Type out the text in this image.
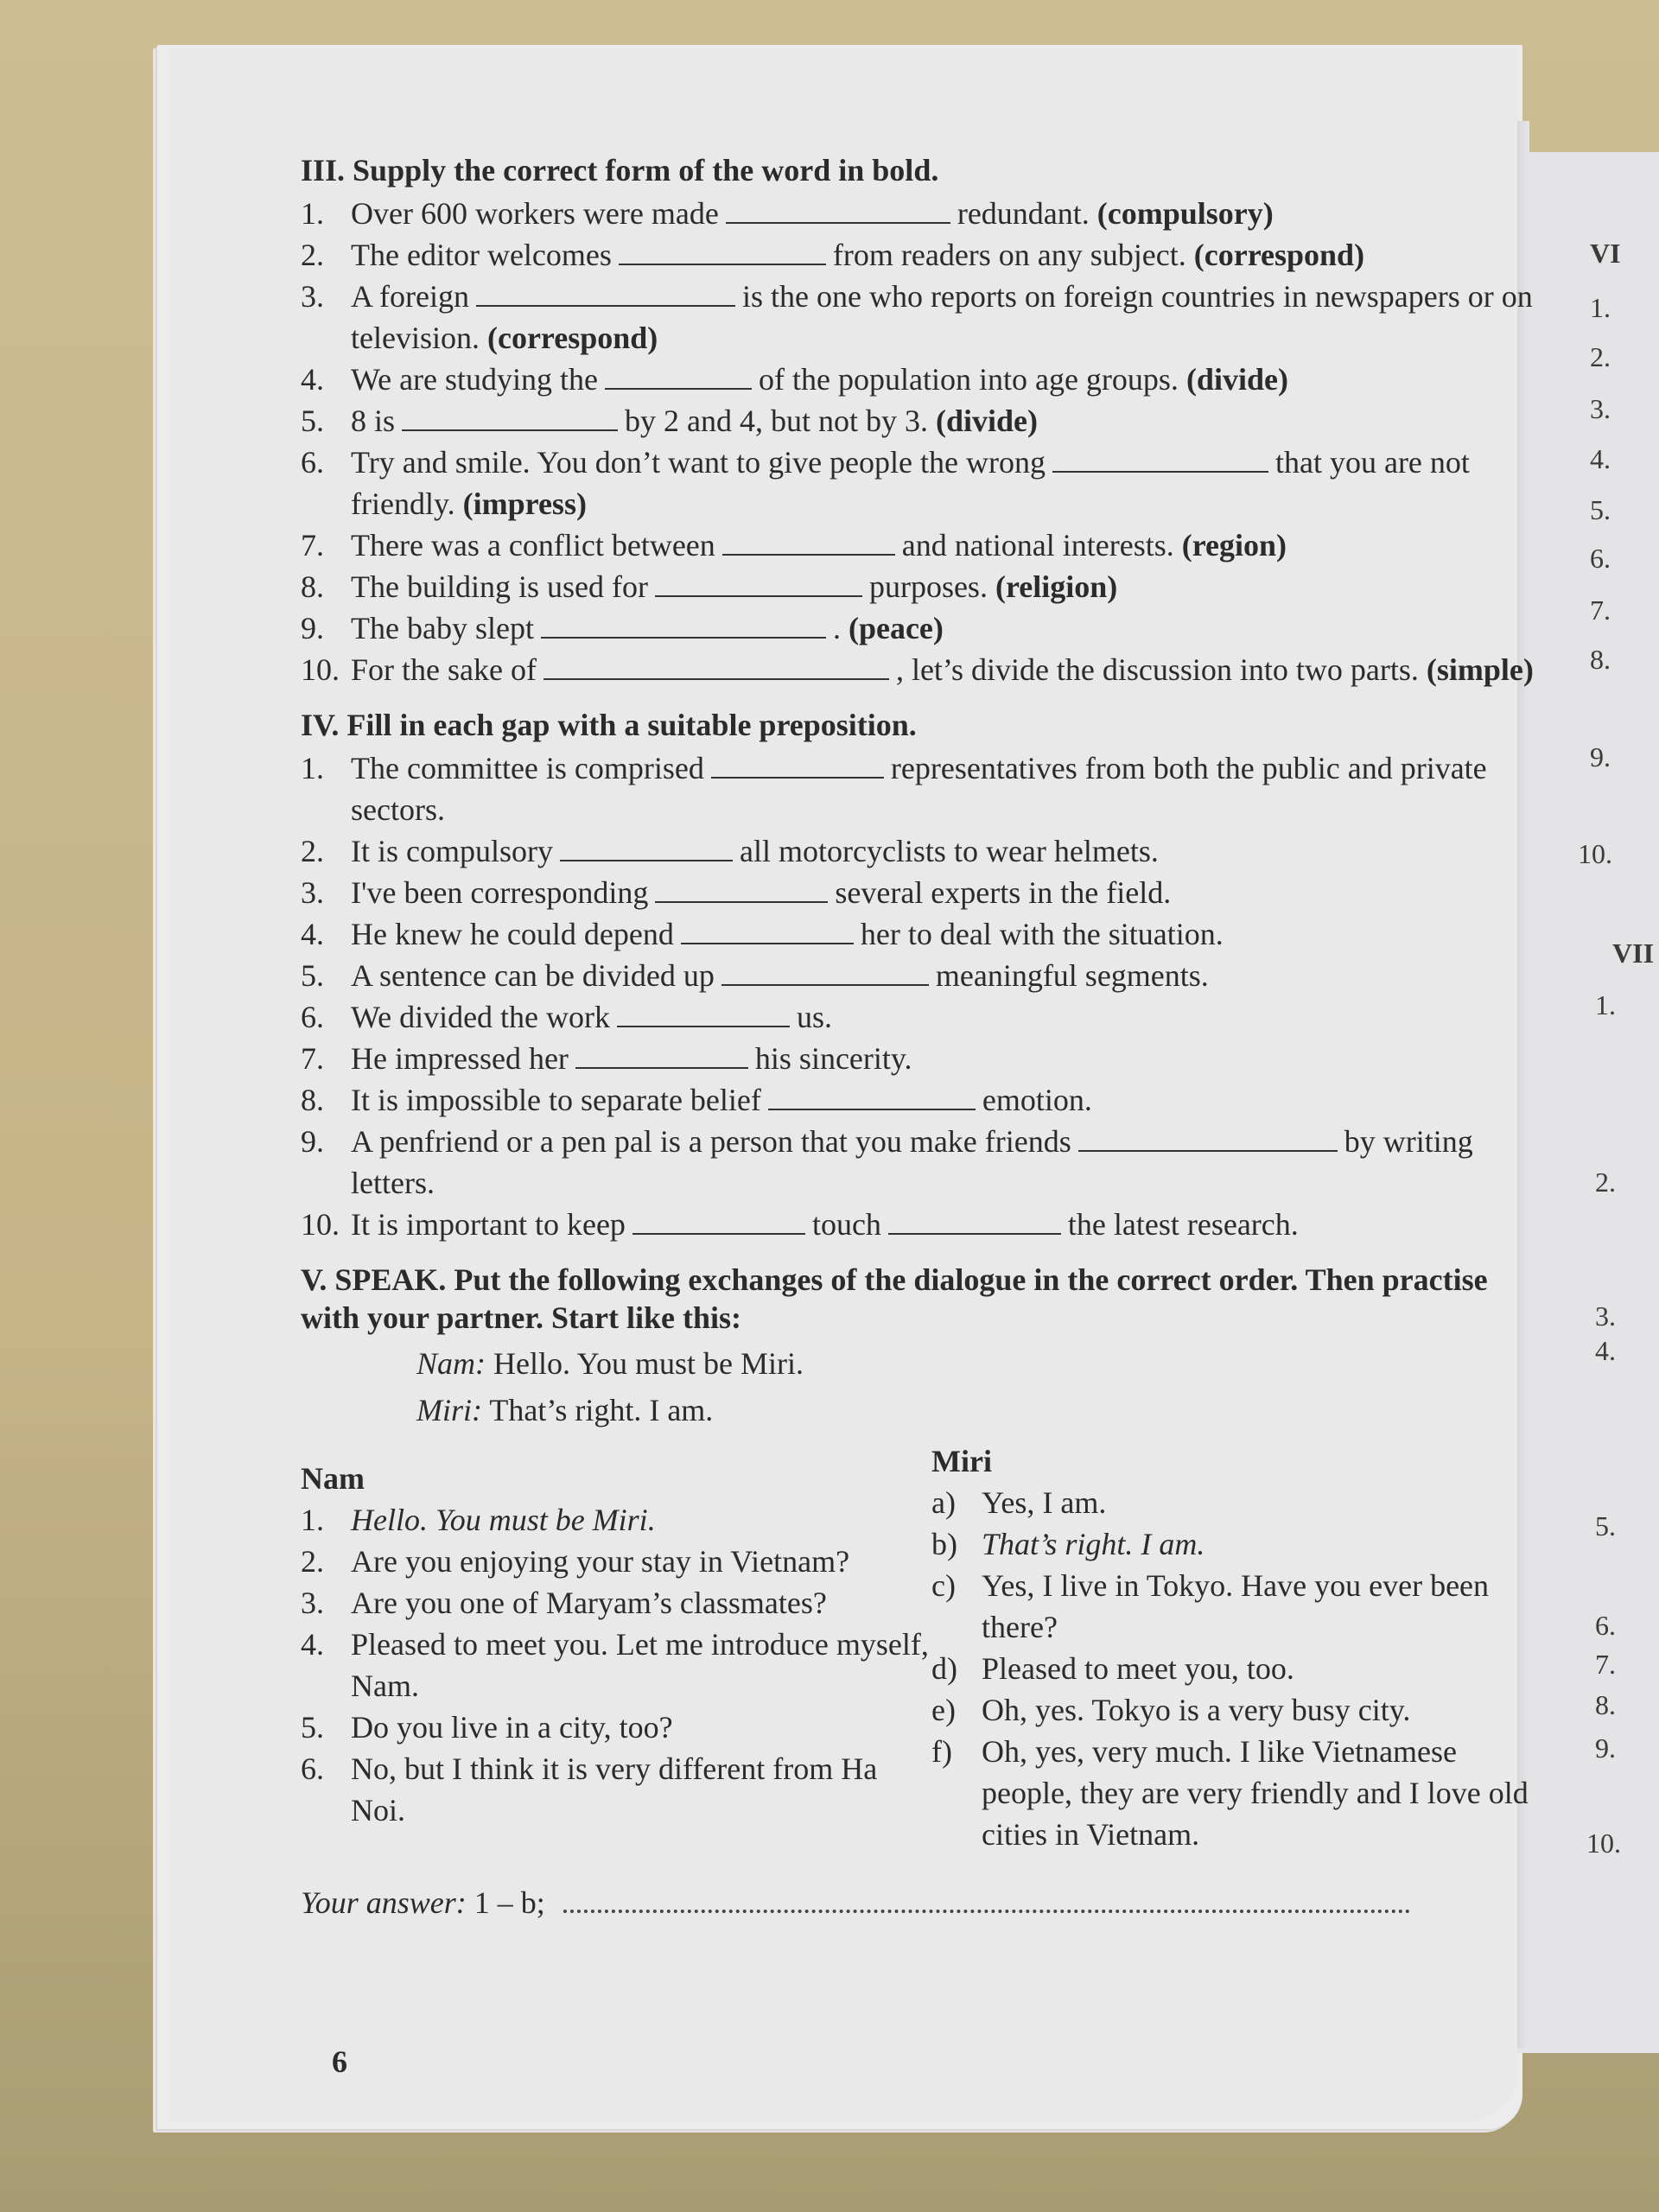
III. Supply the correct form of the word in bold.
1. Over 600 workers were made	redundant. (compulsory)
2. The editor welcomes	from readers on any subject. (correspond)
3. A foreign	is the one who reports on foreign countries in newspapers or on television. (correspond)
4. We are studying the	of the population into age groups. (divide)
5. 8 is	by 2 and 4, but not by 3. (divide)
6. Try and smile. You don’t want to give people the wrong	that you are not friendly. (impress)
7. There was a conflict between	and national interests. (region)
8. The building is used for	purposes. (religion)
9. The baby slept	. (peace)
10. For the sake of	, let’s divide the discussion into two parts. (simple)
IV. Fill in each gap with a suitable preposition.
1. The committee is comprised	representatives from both the public and private sectors.
2. It is compulsory	all motorcyclists to wear helmets.
3. I've been corresponding	several experts in the field.
4. He knew he could depend	her to deal with the situation.
5. A sentence can be divided up	meaningful segments.
6. We divided the work	us.
7. He impressed her	his sincerity.
8. It is impossible to separate belief	emotion.
9. A penfriend or a pen pal is a person that you make friends	by writing letters.
10. It is important to keep	touch	the latest research.
V. SPEAK. Put the following exchanges of the dialogue in the correct order. Then practise with your partner. Start like this:
Nam: Hello. You must be Miri.
Miri: That’s right. I am.
Nam
1. Hello. You must be Miri.
2. Are you enjoying your stay in Vietnam?
3. Are you one of Maryam’s classmates?
4. Pleased to meet you. Let me introduce myself, Nam.
5. Do you live in a city, too?
6. No, but I think it is very different from Ha Noi.
Miri
a) Yes, I am.
b) That’s right. I am.
c) Yes, I live in Tokyo. Have you ever been there?
d) Pleased to meet you, too.
e) Oh, yes. Tokyo is a very busy city.
f) Oh, yes, very much. I like Vietnamese people, they are very friendly and I love old cities in Vietnam.
Your answer: 1 – b;
6
VI
1.
2.
3.
4.
5.
6.
7.
8.
9.
10.
VII
1.
2.
3.
4.
5.
6.
7.
8.
9.
10.
